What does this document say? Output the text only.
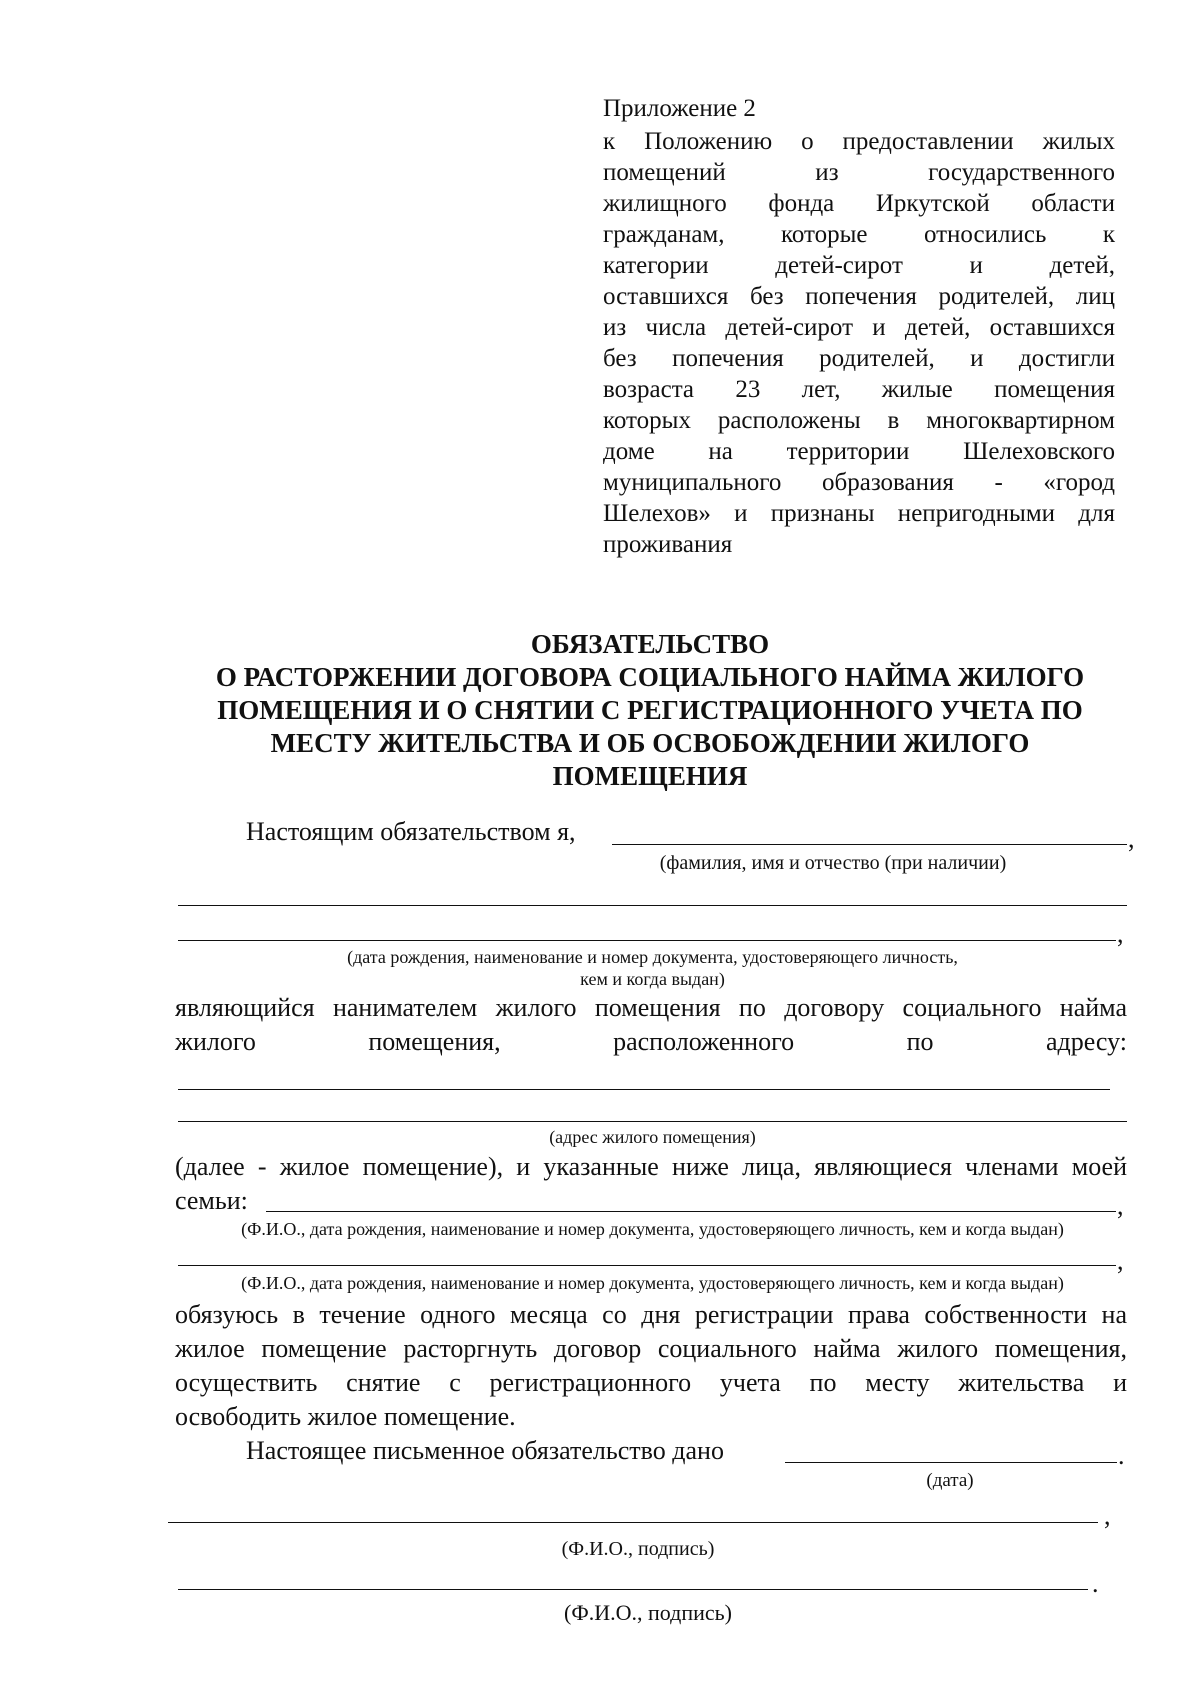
Приложение 2
к Положению о предоставлении жилых
помещений из государственного
жилищного фонда Иркутской области
гражданам, которые относились к
категории детей-сирот и детей,
оставшихся без попечения родителей, лиц
из числа детей-сирот и детей, оставшихся
без попечения родителей, и достигли
возраста 23 лет, жилые помещения
которых расположены в многоквартирном
доме на территории Шелеховского
муниципального образования - «город
Шелехов» и признаны непригодными для
проживания
ОБЯЗАТЕЛЬСТВО
О РАСТОРЖЕНИИ ДОГОВОРА СОЦИАЛЬНОГО НАЙМА ЖИЛОГО
ПОМЕЩЕНИЯ И О СНЯТИИ С РЕГИСТРАЦИОННОГО УЧЕТА ПО
МЕСТУ ЖИТЕЛЬСТВА И ОБ ОСВОБОЖДЕНИИ ЖИЛОГО
ПОМЕЩЕНИЯ
Настоящим обязательством я,	,
(фамилия, имя и отчество (при наличии)
,
(дата рождения, наименование и номер документа, удостоверяющего личность,
кем и когда выдан)
являющийся нанимателем жилого помещения по договору социального найма
жилого помещения, расположенного по адресу:
(адрес жилого помещения)
(далее - жилое помещение), и указанные ниже лица, являющиеся членами моей
семьи:	,
(Ф.И.О., дата рождения, наименование и номер документа, удостоверяющего личность, кем и когда выдан)
,
(Ф.И.О., дата рождения, наименование и номер документа, удостоверяющего личность, кем и когда выдан)
обязуюсь в течение одного месяца со дня регистрации права собственности на
жилое помещение расторгнуть договор социального найма жилого помещения,
осуществить снятие с регистрационного учета по месту жительства и
освободить жилое помещение.
Настоящее письменное обязательство дано	.
(дата)
,
(Ф.И.О., подпись)
.
(Ф.И.О., подпись)
